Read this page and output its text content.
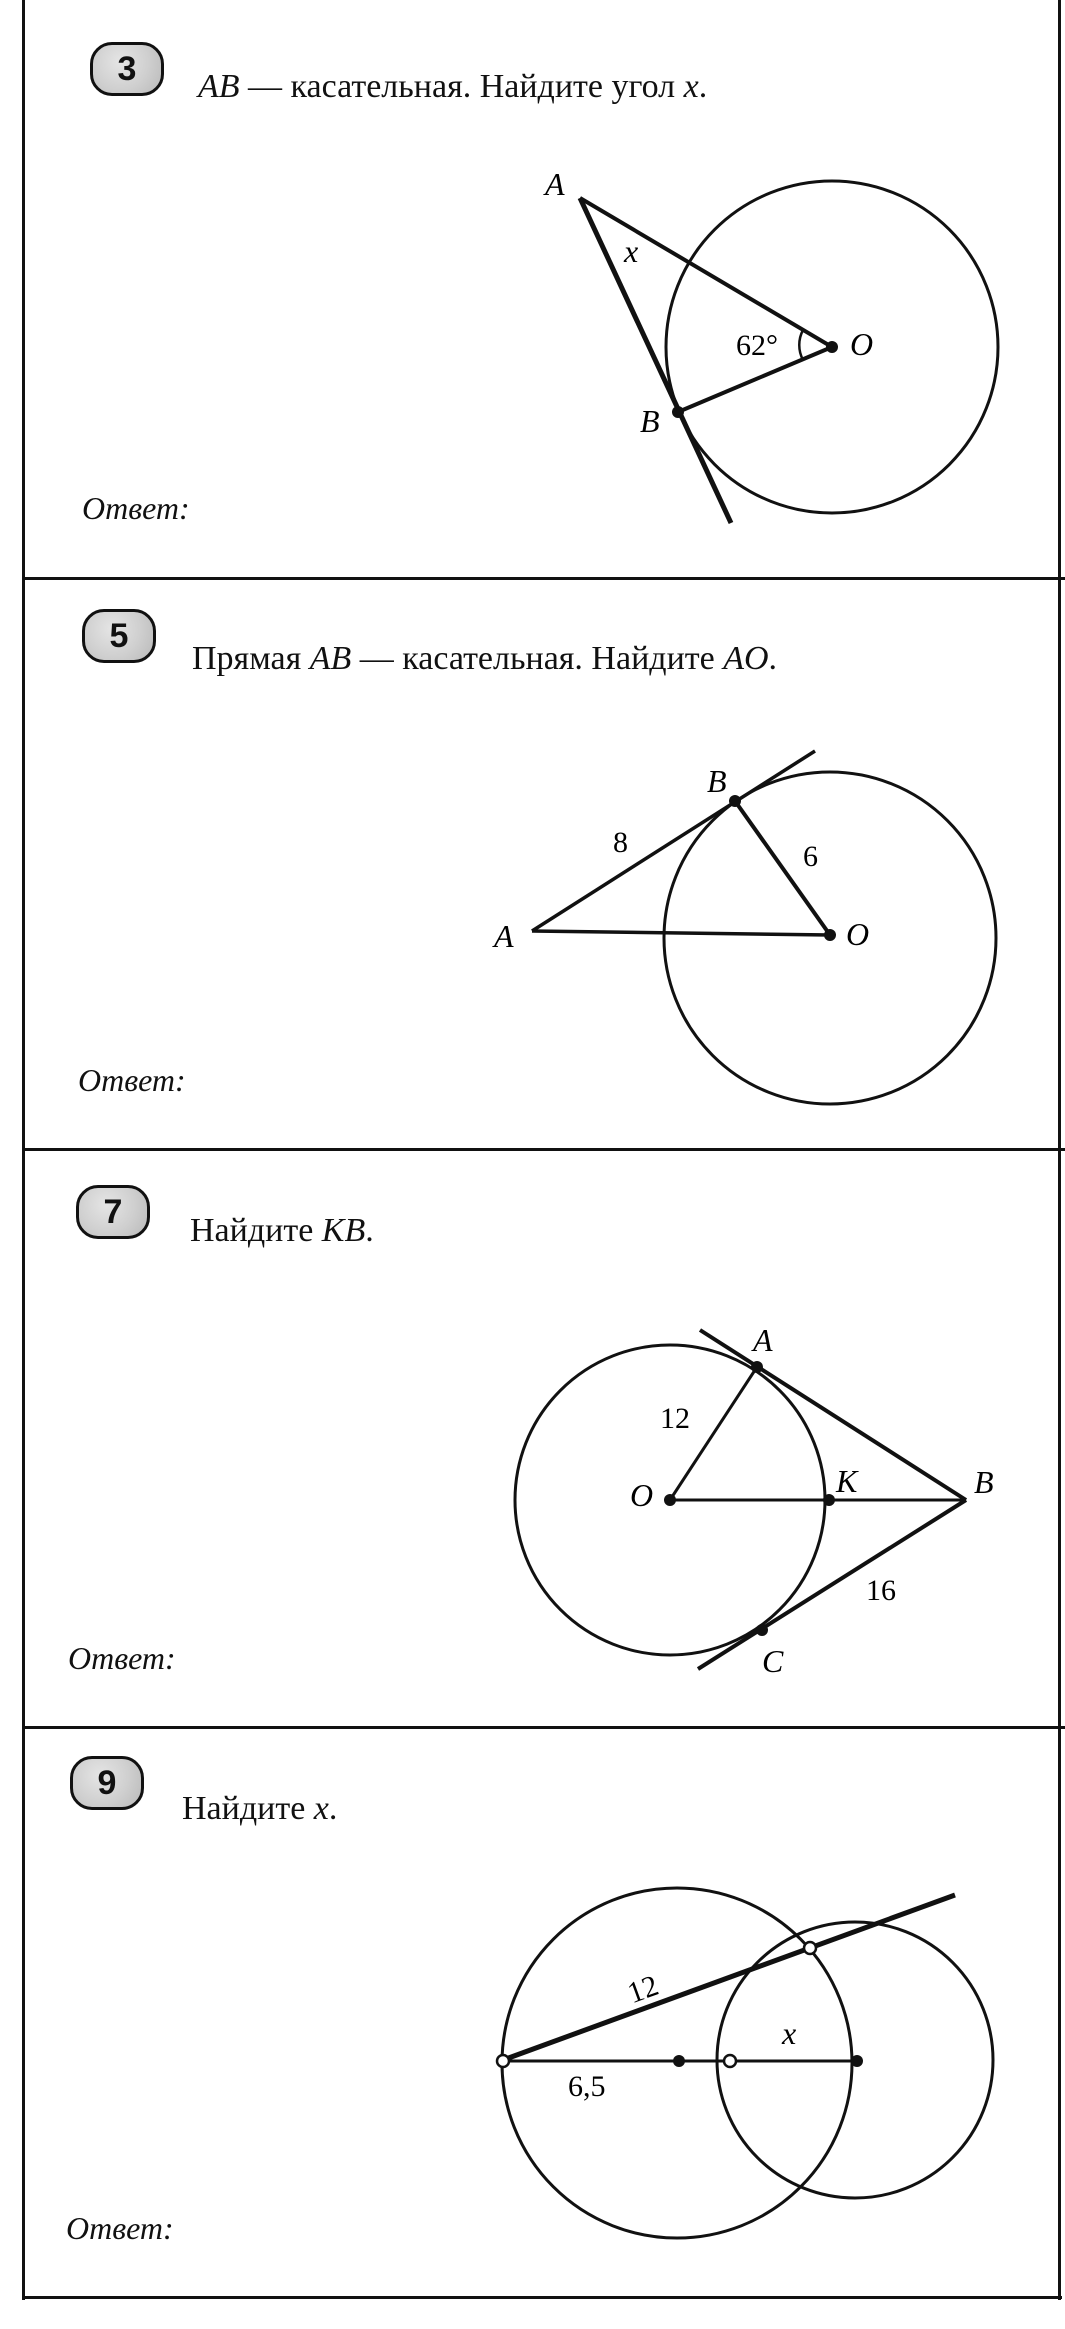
3 AB — касательная. Найдите угол x.
Ответ:
A
B
O
x
62°
5
Прямая AB — касательная. Найдите AO.
Ответ:
A
B
O
8	6
7 Найдите KB.
Ответ:
A
B
O	K
C
12
16
9
Найдите x.
Ответ:
12
6,5
x
